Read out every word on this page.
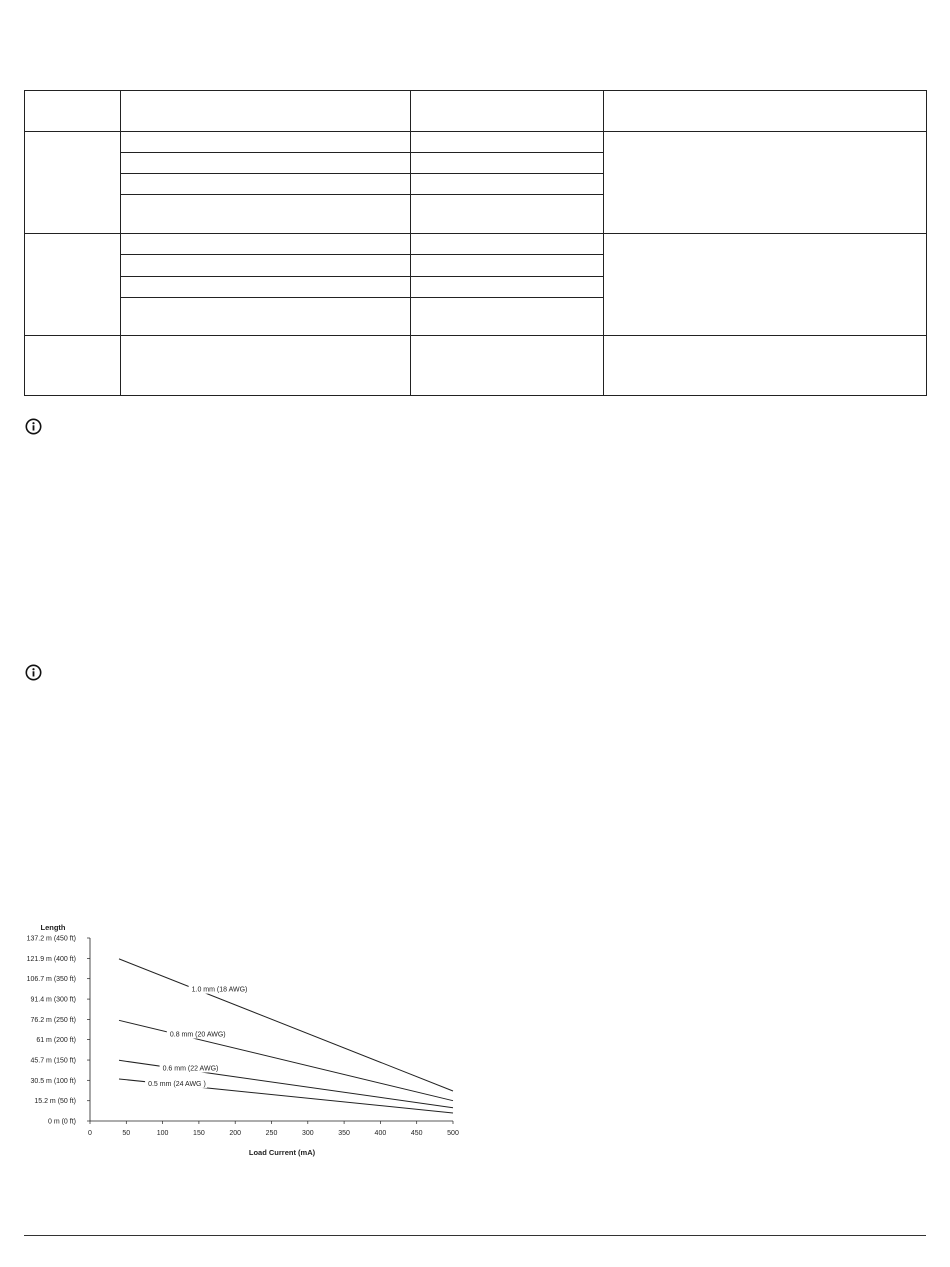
Length
Load Current (mA)
0 m (0 ft)
15.2 m (50 ft)
30.5 m (100 ft)
45.7 m (150 ft)
61 m (200 ft)
76.2 m (250 ft)
91.4 m (300 ft)
106.7 m (350 ft)
121.9 m (400 ft)
137.2 m (450 ft)
0	50	100	150	200	250	300	350	400	450	500
1.0 mm (18 AWG)
0.8 mm (20 AWG)
0.6 mm (22 AWG)
0.5 mm (24 AWG )
